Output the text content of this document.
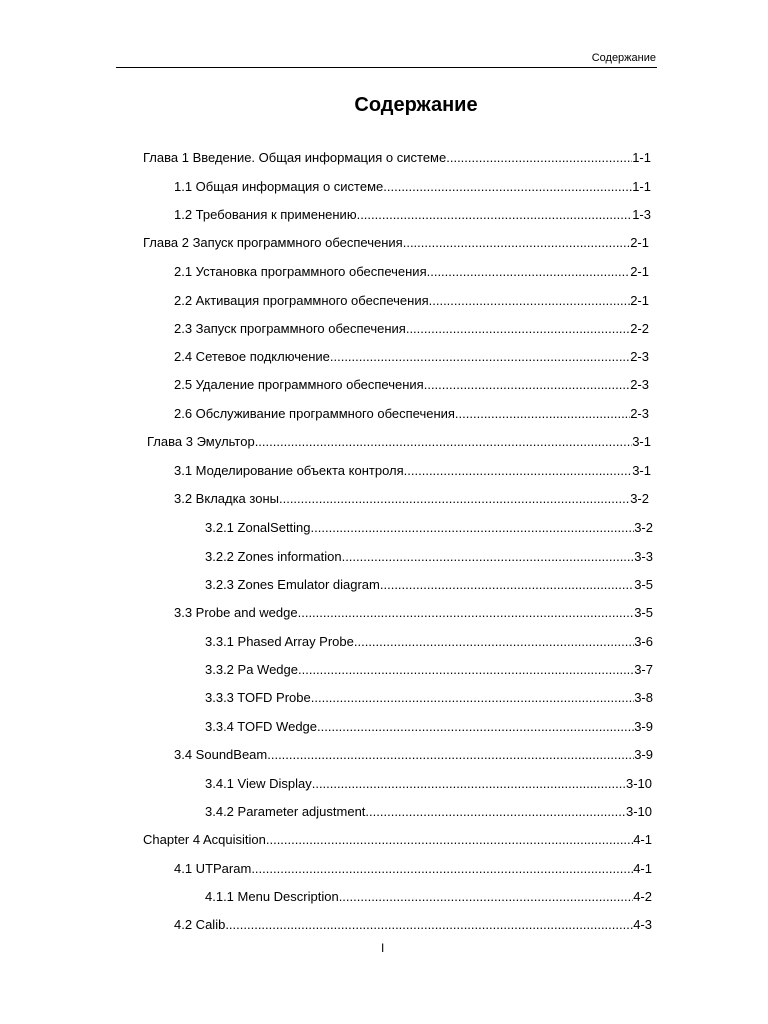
Содержание
Содержание
Глава 1 Введение. Общая информация о системе .....	1-1
1.1 Общая информация о системе .....	1-1
1.2 Требования к применению .....	1-3
Глава 2 Запуск программного обеспечения .....	2-1
2.1 Установка программного обеспечения .....	2-1
2.2 Активация программного обеспечения .....	2-1
2.3 Запуск программного обеспечения .....	2-2
2.4 Сетевое подключение .....	2-3
2.5 Удаление программного обеспечения .....	2-3
2.6 Обслуживание программного обеспечения .....	2-3
Глава 3 Эмультор .....	3-1
3.1 Моделирование объекта контроля .....	3-1
3.2 Вкладка зоны .....	3-2
3.2.1 ZonalSetting .....	3-2
3.2.2 Zones information .....	3-3
3.2.3 Zones Emulator diagram .....	3-5
3.3 Probe and wedge .....	3-5
3.3.1 Phased Array Probe .....	3-6
3.3.2 Pa Wedge .....	3-7
3.3.3 TOFD Probe .....	3-8
3.3.4 TOFD Wedge .....	3-9
3.4 SoundBeam .....	3-9
3.4.1 View Display .....	3-10
3.4.2 Parameter adjustment .....	3-10
Chapter 4 Acquisition .....	4-1
4.1 UTParam .....	4-1
4.1.1 Menu Description .....	4-2
4.2 Calib .....	4-3
I
